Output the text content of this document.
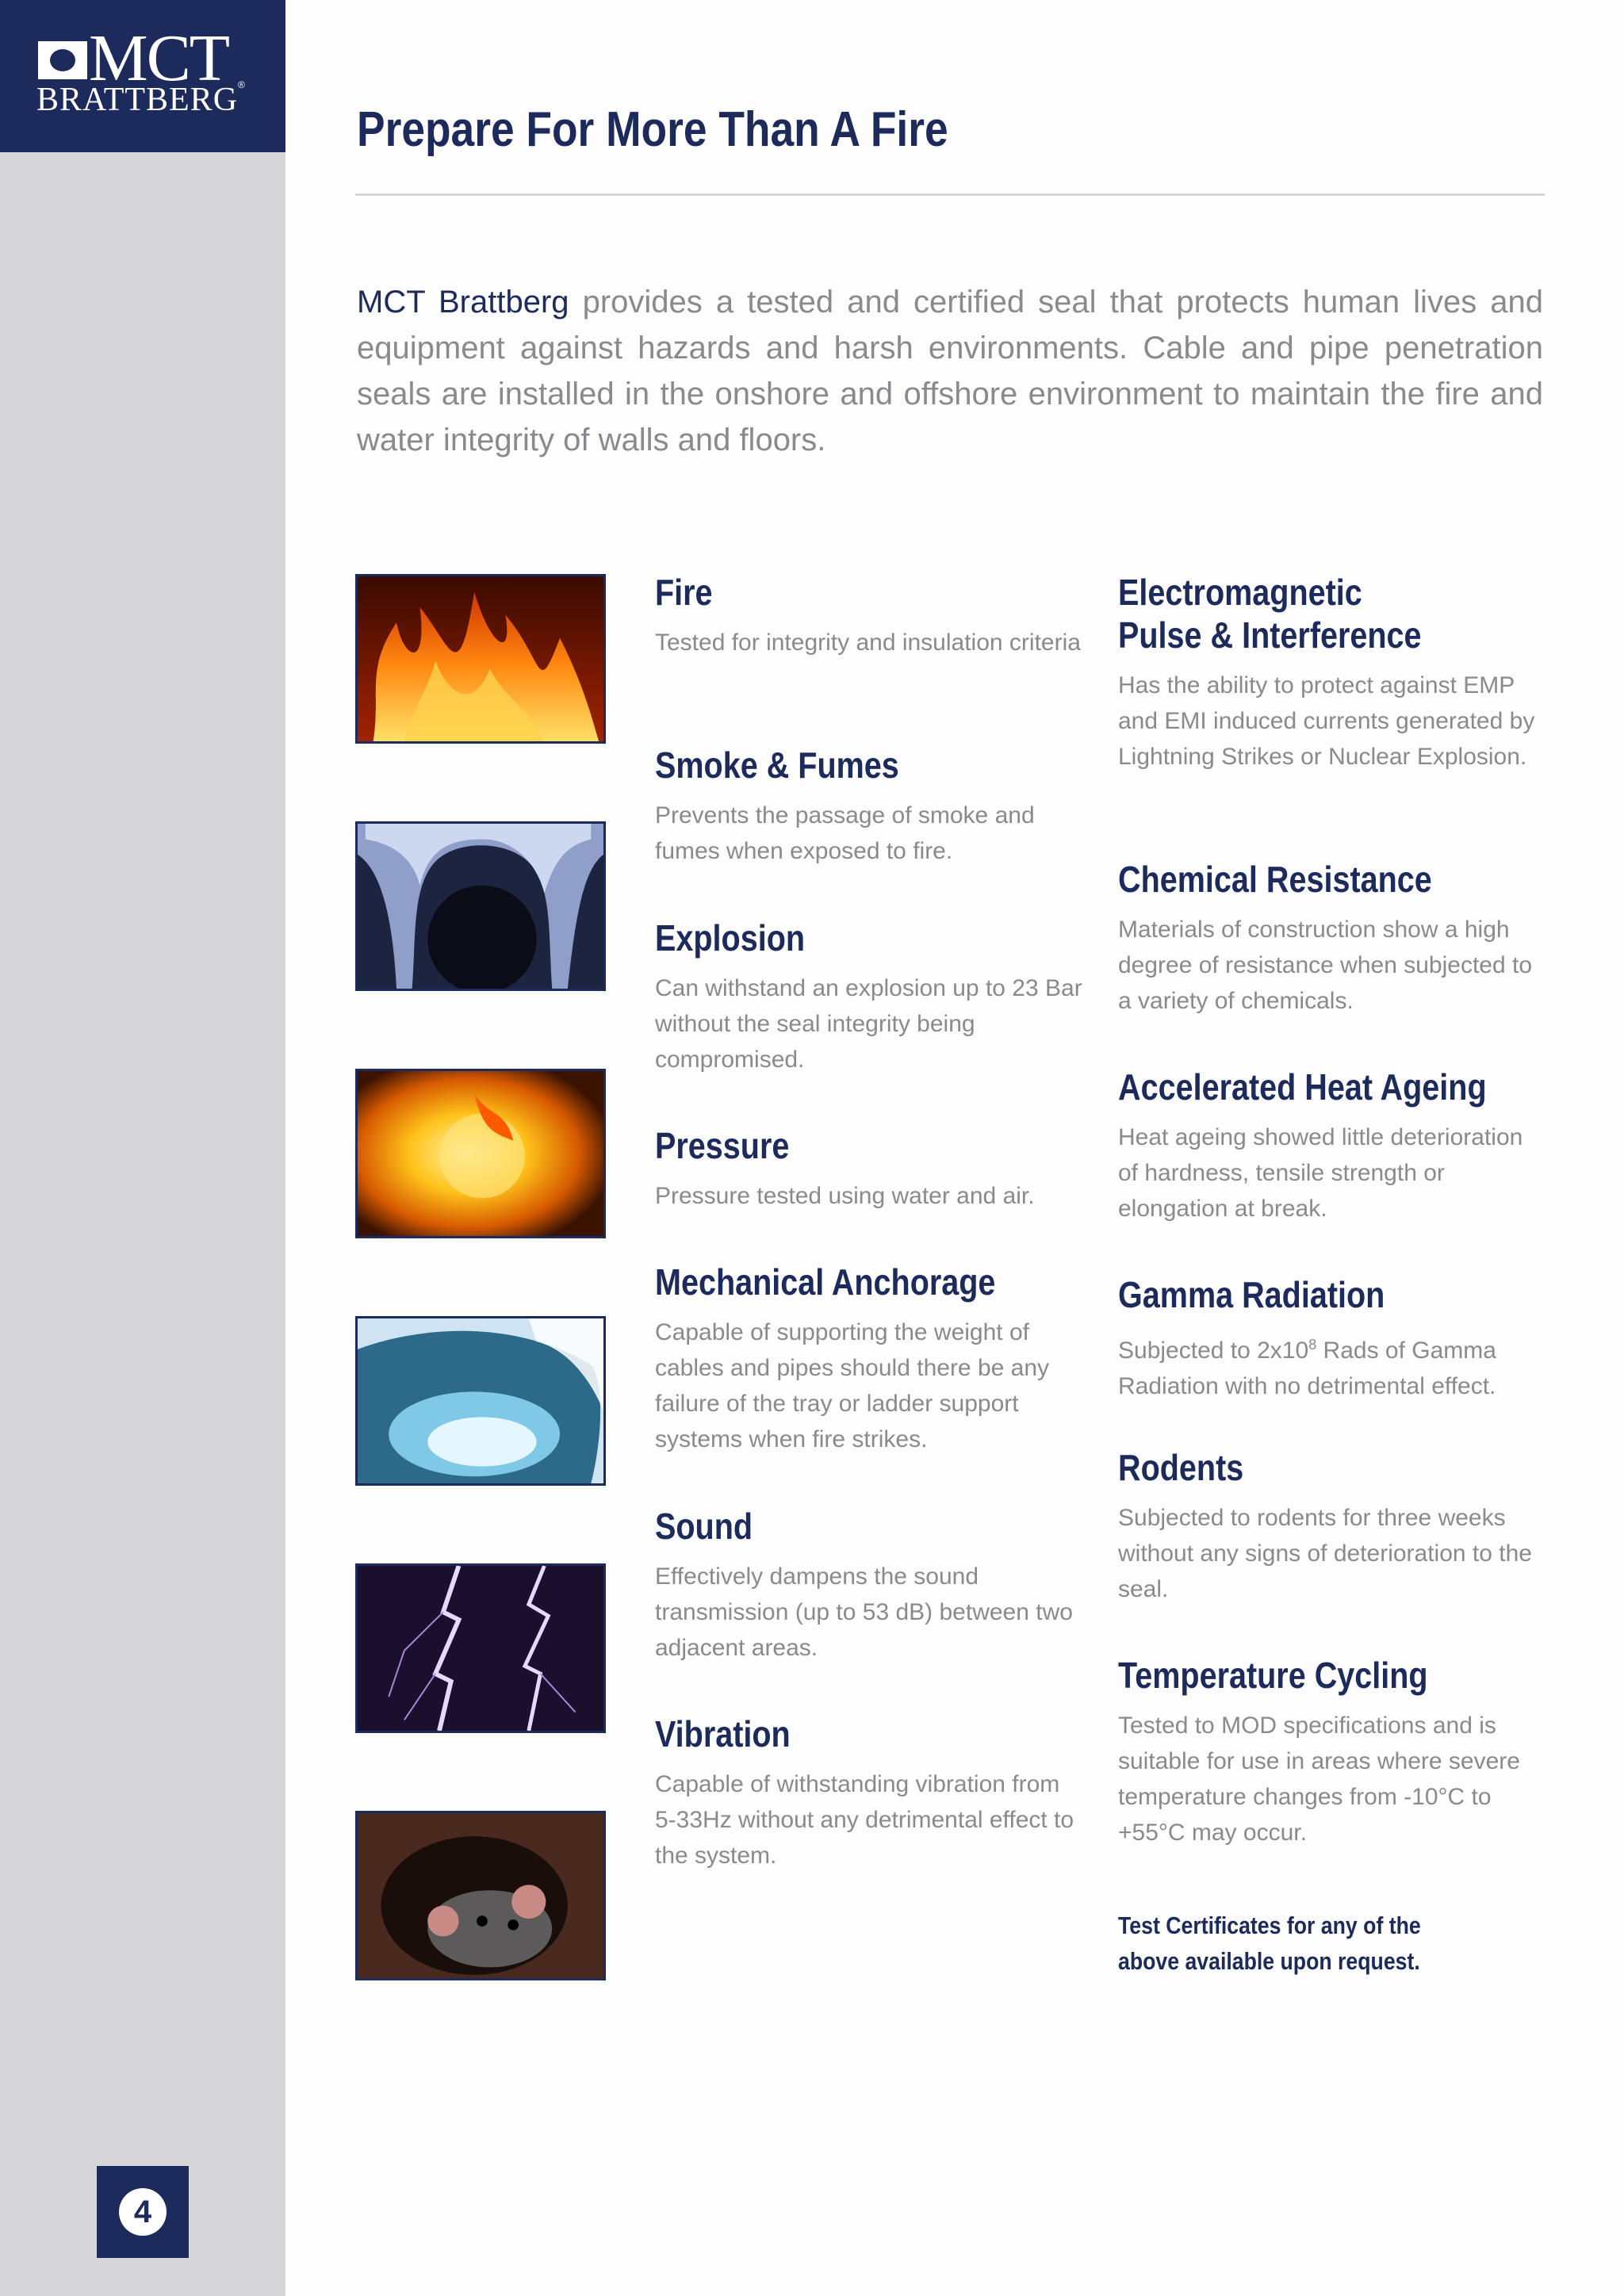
MCT ®
BRATTBERG
4
Prepare For More Than A Fire

MCT Brattberg provides a tested and certified seal that protects human lives and equipment against hazards and harsh environments. Cable and pipe penetration seals are installed in the onshore and offshore environment to maintain the fire and water integrity of walls and floors.

Fire

Tested for integrity and insulation criteria

Smoke & Fumes

Prevents the passage of smoke and fumes when exposed to fire.

Explosion

Can withstand an explosion up to 23 Bar without the seal integrity being compromised.

Pressure

Pressure tested using water and air.

Mechanical Anchorage

Capable of supporting the weight of cables and pipes should there be any failure of the tray or ladder support systems when fire strikes.

Sound

Effectively dampens the sound transmission (up to 53 dB) between two adjacent areas.

Vibration

Capable of withstanding vibration from 5-33Hz without any detrimental effect to the system.

Electromagnetic
Pulse & Interference

Has the ability to protect against EMP and EMI induced currents generated by Lightning Strikes or Nuclear Explosion.

Chemical Resistance

Materials of construction show a high degree of resistance when subjected to a variety of chemicals.

Accelerated Heat Ageing

Heat ageing showed little deterioration of hardness, tensile strength or elongation at break.

Gamma Radiation

Subjected to $2x10^8$ Rads of Gamma Radiation with no detrimental effect.

Rodents

Subjected to rodents for three weeks without any signs of deterioration to the seal.

Temperature Cycling

Tested to MOD specifications and is suitable for use in areas where severe temperature changes from -10°C to +55°C may occur.

Test Certificates for any of the above available upon request.
